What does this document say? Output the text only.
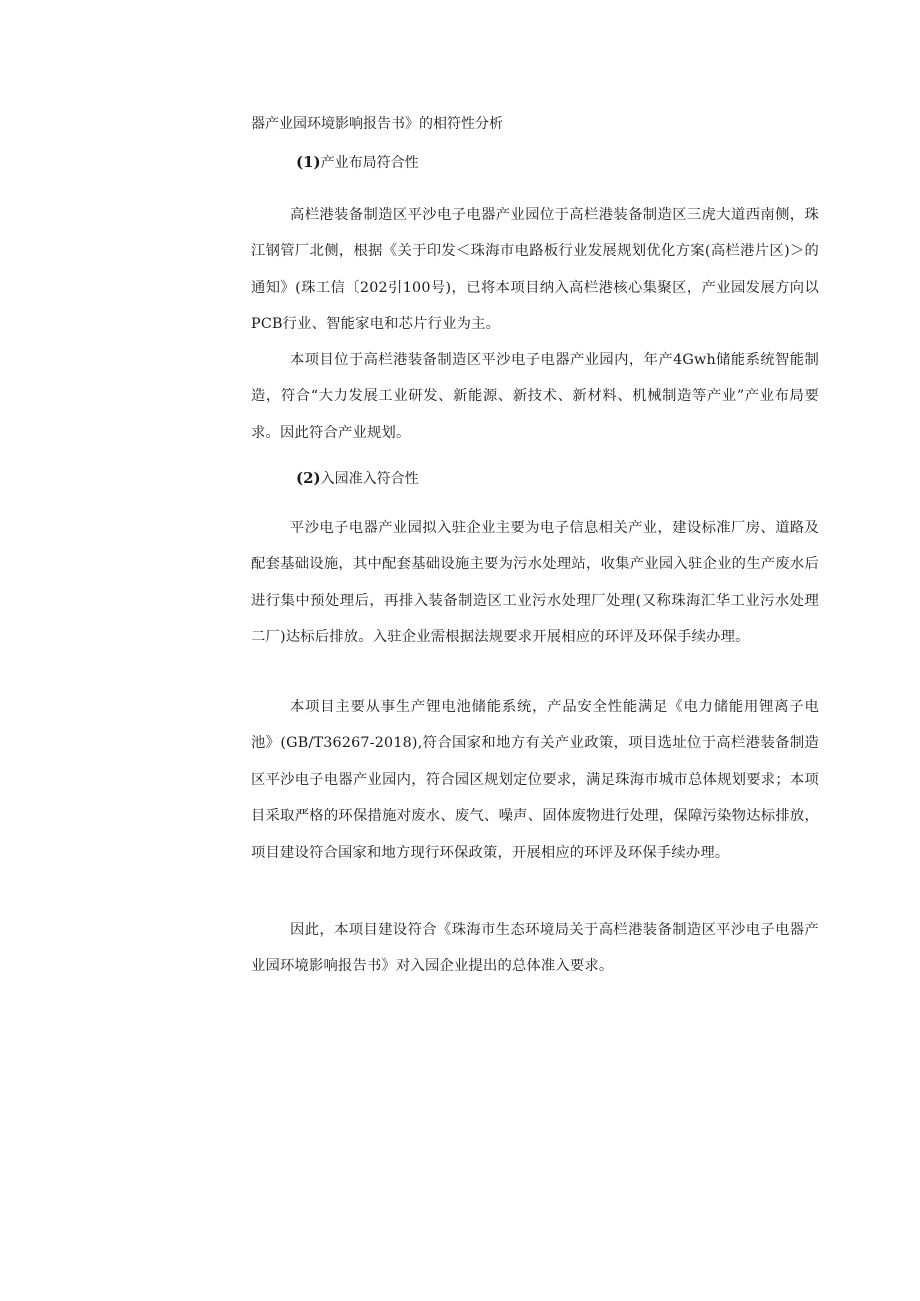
器产业园环境影响报告书》的相符性分析
(1)产业布局符合性
高栏港装备制造区平沙电子电器产业园位于高栏港装备制造区三虎大道西南侧，珠江钢管厂北侧，根据《关于印发＜珠海市电路板行业发展规划优化方案(高栏港片区)＞的通知》(珠工信〔202引100号)，已将本项目纳入高栏港核心集聚区，产业园发展方向以PCB行业、智能家电和芯片行业为主。
本项目位于高栏港装备制造区平沙电子电器产业园内，年产4Gwh储能系统智能制造，符合“大力发展工业研发、新能源、新技术、新材料、机械制造等产业”产业布局要求。因此符合产业规划。
(2)入园准入符合性
平沙电子电器产业园拟入驻企业主要为电子信息相关产业，建设标准厂房、道路及配套基础设施，其中配套基础设施主要为污水处理站，收集产业园入驻企业的生产废水后进行集中预处理后，再排入装备制造区工业污水处理厂处理(又称珠海汇华工业污水处理二厂)达标后排放。入驻企业需根据法规要求开展相应的环评及环保手续办理。
本项目主要从事生产锂电池储能系统，产品安全性能满足《电力储能用锂离子电池》(GB/T36267-2018),符合国家和地方有关产业政策，项目选址位于高栏港装备制造区平沙电子电器产业园内，符合园区规划定位要求，满足珠海市城市总体规划要求；本项目采取严格的环保措施对废水、废气、噪声、固体废物进行处理，保障污染物达标排放，项目建设符合国家和地方现行环保政策，开展相应的环评及环保手续办理。
因此，本项目建设符合《珠海市生态环境局关于高栏港装备制造区平沙电子电器产业园环境影响报告书》对入园企业提出的总体准入要求。
